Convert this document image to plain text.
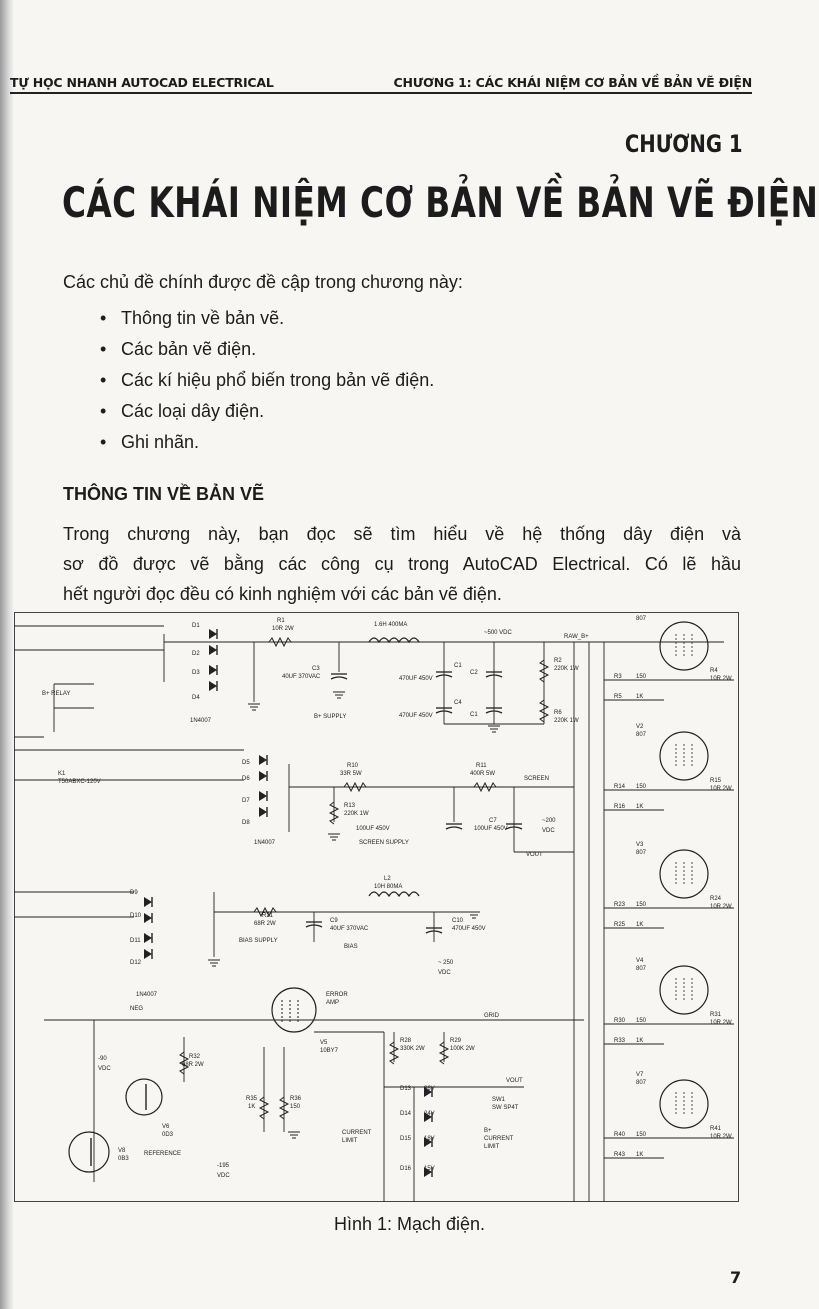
TỰ HỌC NHANH AUTOCAD ELECTRICAL	CHƯƠNG 1: CÁC KHÁI NIỆM CƠ BẢN VỀ BẢN VẼ ĐIỆN
CHƯƠNG 1
CÁC KHÁI NIỆM CƠ BẢN VỀ BẢN VẼ ĐIỆN
Các chủ đề chính được đề cập trong chương này:
• Thông tin về bản vẽ.
• Các bản vẽ điện.
• Các kí hiệu phổ biến trong bản vẽ điện.
• Các loại dây điện.
• Ghi nhãn.
THÔNG TIN VỀ BẢN VẼ
Trong chương này, bạn đọc sẽ tìm hiểu về hệ thống dây điện và
sơ đồ được vẽ bằng các công cụ trong AutoCAD Electrical. Có lẽ hầu
hết người đọc đều có kinh nghiệm với các bản vẽ điện.
D1
D2
D3
D4
1N4007
R1
10R 2W
1.6H 400MA
~500 VDC
RAW_B+
C3
40UF 370VAC	470UF 450V
470UF 450V
C1
C2
C4
C1
R2
220K 1W
R6
220K 1W
B+ SUPPLY
B+ RELAY
K1
T50ABXC-120V
D5
D6
D7
D8
1N4007
R10
33R 5W
R11
400R 5W
SCREEN
R13
220K 1W
100UF 450V
C7
100UF 450V
~200
VDC
SCREEN SUPPLY
VOUT
L2
10H 80MA
D9
D10
D11
D12
1N4007
R21
68R 2W	C9
40UF 370VAC
C10
470UF 450V
BIAS SUPPLY
BIAS
~ 250
VDC
NEG
ERROR
AMP
GRID
V5
10BY7
R28
330K 2W
R29
100K 2W
-90
VDC
R32
68R 2W
V6
0D3
R35
1K
R36
150
V8
0B3
REFERENCE
VOUT
D13 36V
D14 24V
D15 18V
D16 15V
SW1
SW SP4T
CURRENT
LIMIT
B+
CURRENT
LIMIT
-195
VDC
807
R4
10R 2W
R3 150
R5 1K
V2
807
R15
10R 2W
R14 150
R16 1K
V3
807
R24
10R 2W
R23 150
R25 1K
V4
807
R31
10R 2W
R30 150
R33 1K
V7
807
R41
10R 2W
R40 150
R43 1K
Hình 1: Mạch điện.
7
